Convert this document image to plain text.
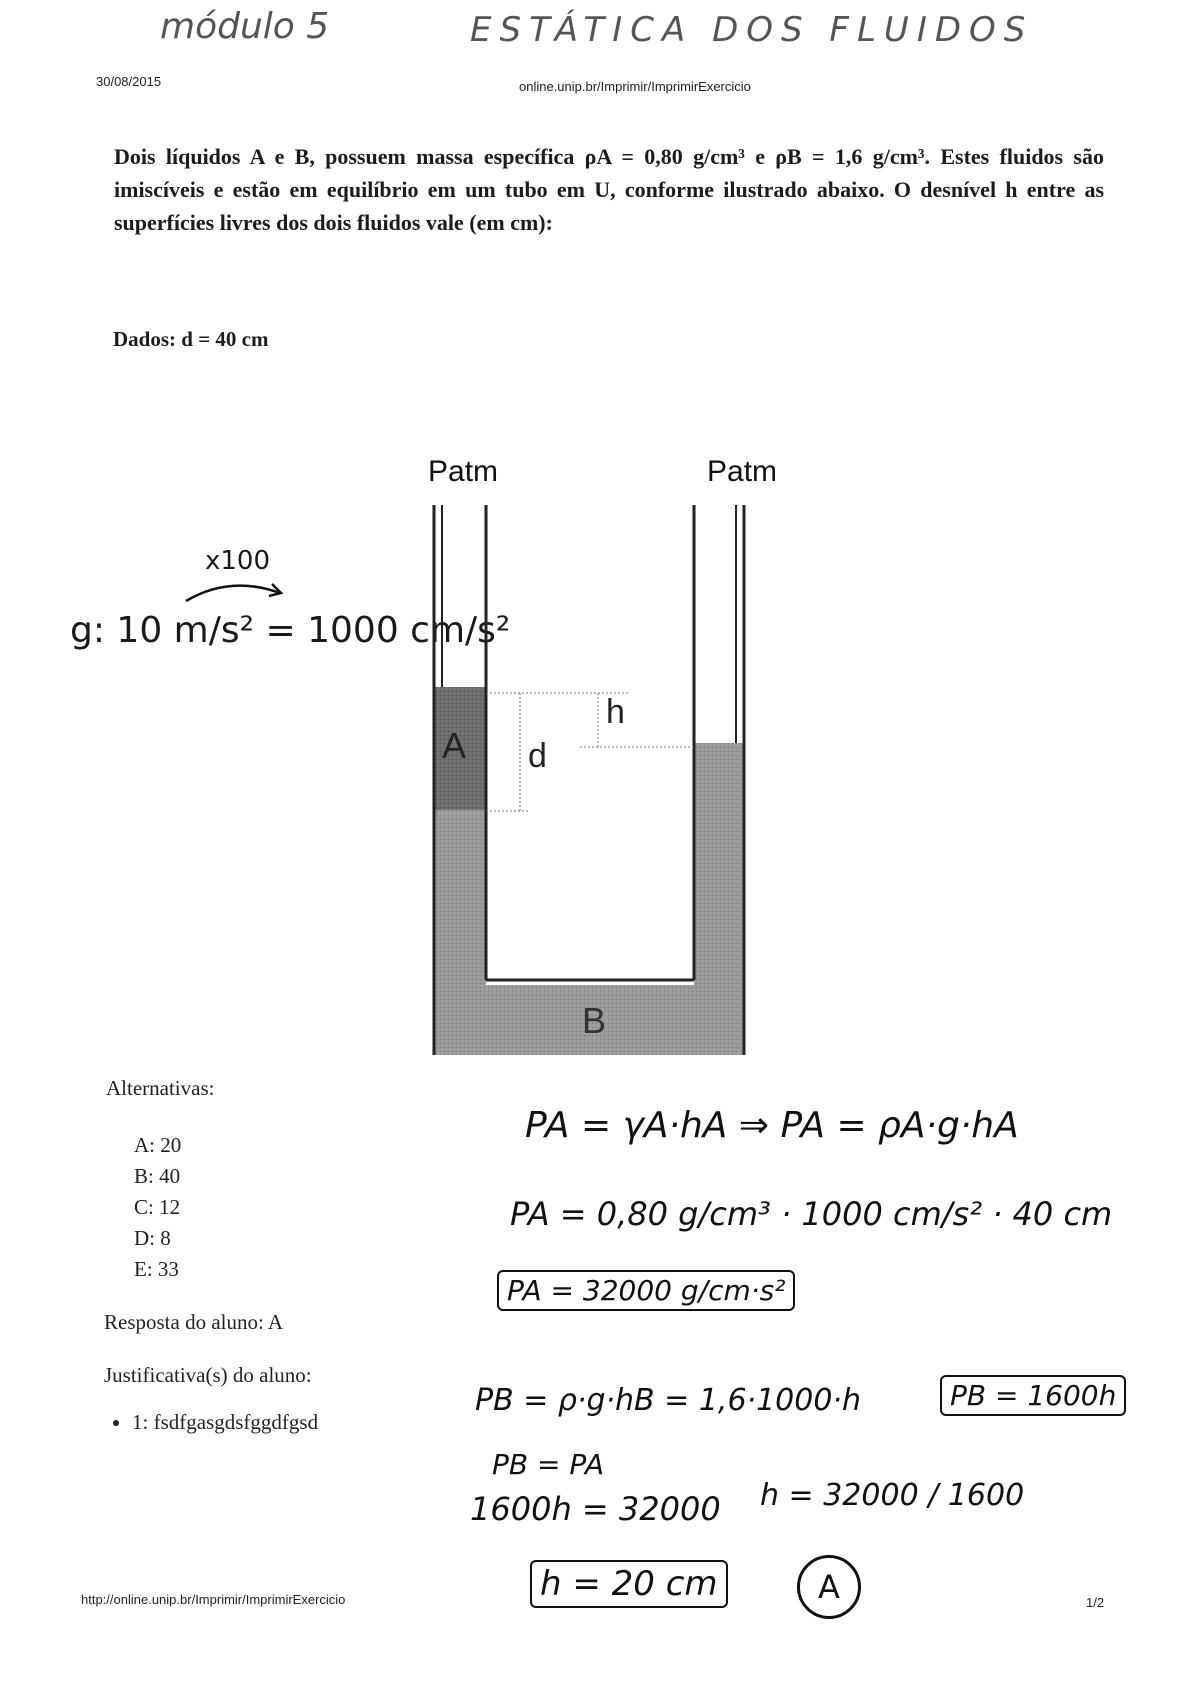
módulo 5	ESTÁTICA DOS FLUIDOS
30/08/2015	online.unip.br/Imprimir/ImprimirExercicio
Dois líquidos A e B, possuem massa específica ρA = 0,80 g/cm³ e ρB = 1,6 g/cm³. Estes fluidos são imiscíveis e estão em equilíbrio em um tubo em U, conforme ilustrado abaixo. O desnível h entre as superfícies livres dos dois fluidos vale (em cm):
Dados: d = 40 cm
x100
g: 10 m/s² = 1000 cm/s²
Patm	Patm
A d
h
B
Alternativas:
A: 20
B: 40
C: 12
D: 8
E: 33
Resposta do aluno: A
Justificativa(s) do aluno:
• 1: fsdfgasgdsfggdfgsd
PA = γA·hA ⇒ PA = ρA·g·hA
PA = 0,80 g/cm³ · 1000 cm/s² · 40 cm
PA = 32000 g/cm·s²
PB = ρ·g·hB = 1,6·1000·h	PB = 1600h
PB = PA
1600h = 32000 h = 32000 / 1600
h = 20 cm	A
http://online.unip.br/Imprimir/ImprimirExercicio	1/2
